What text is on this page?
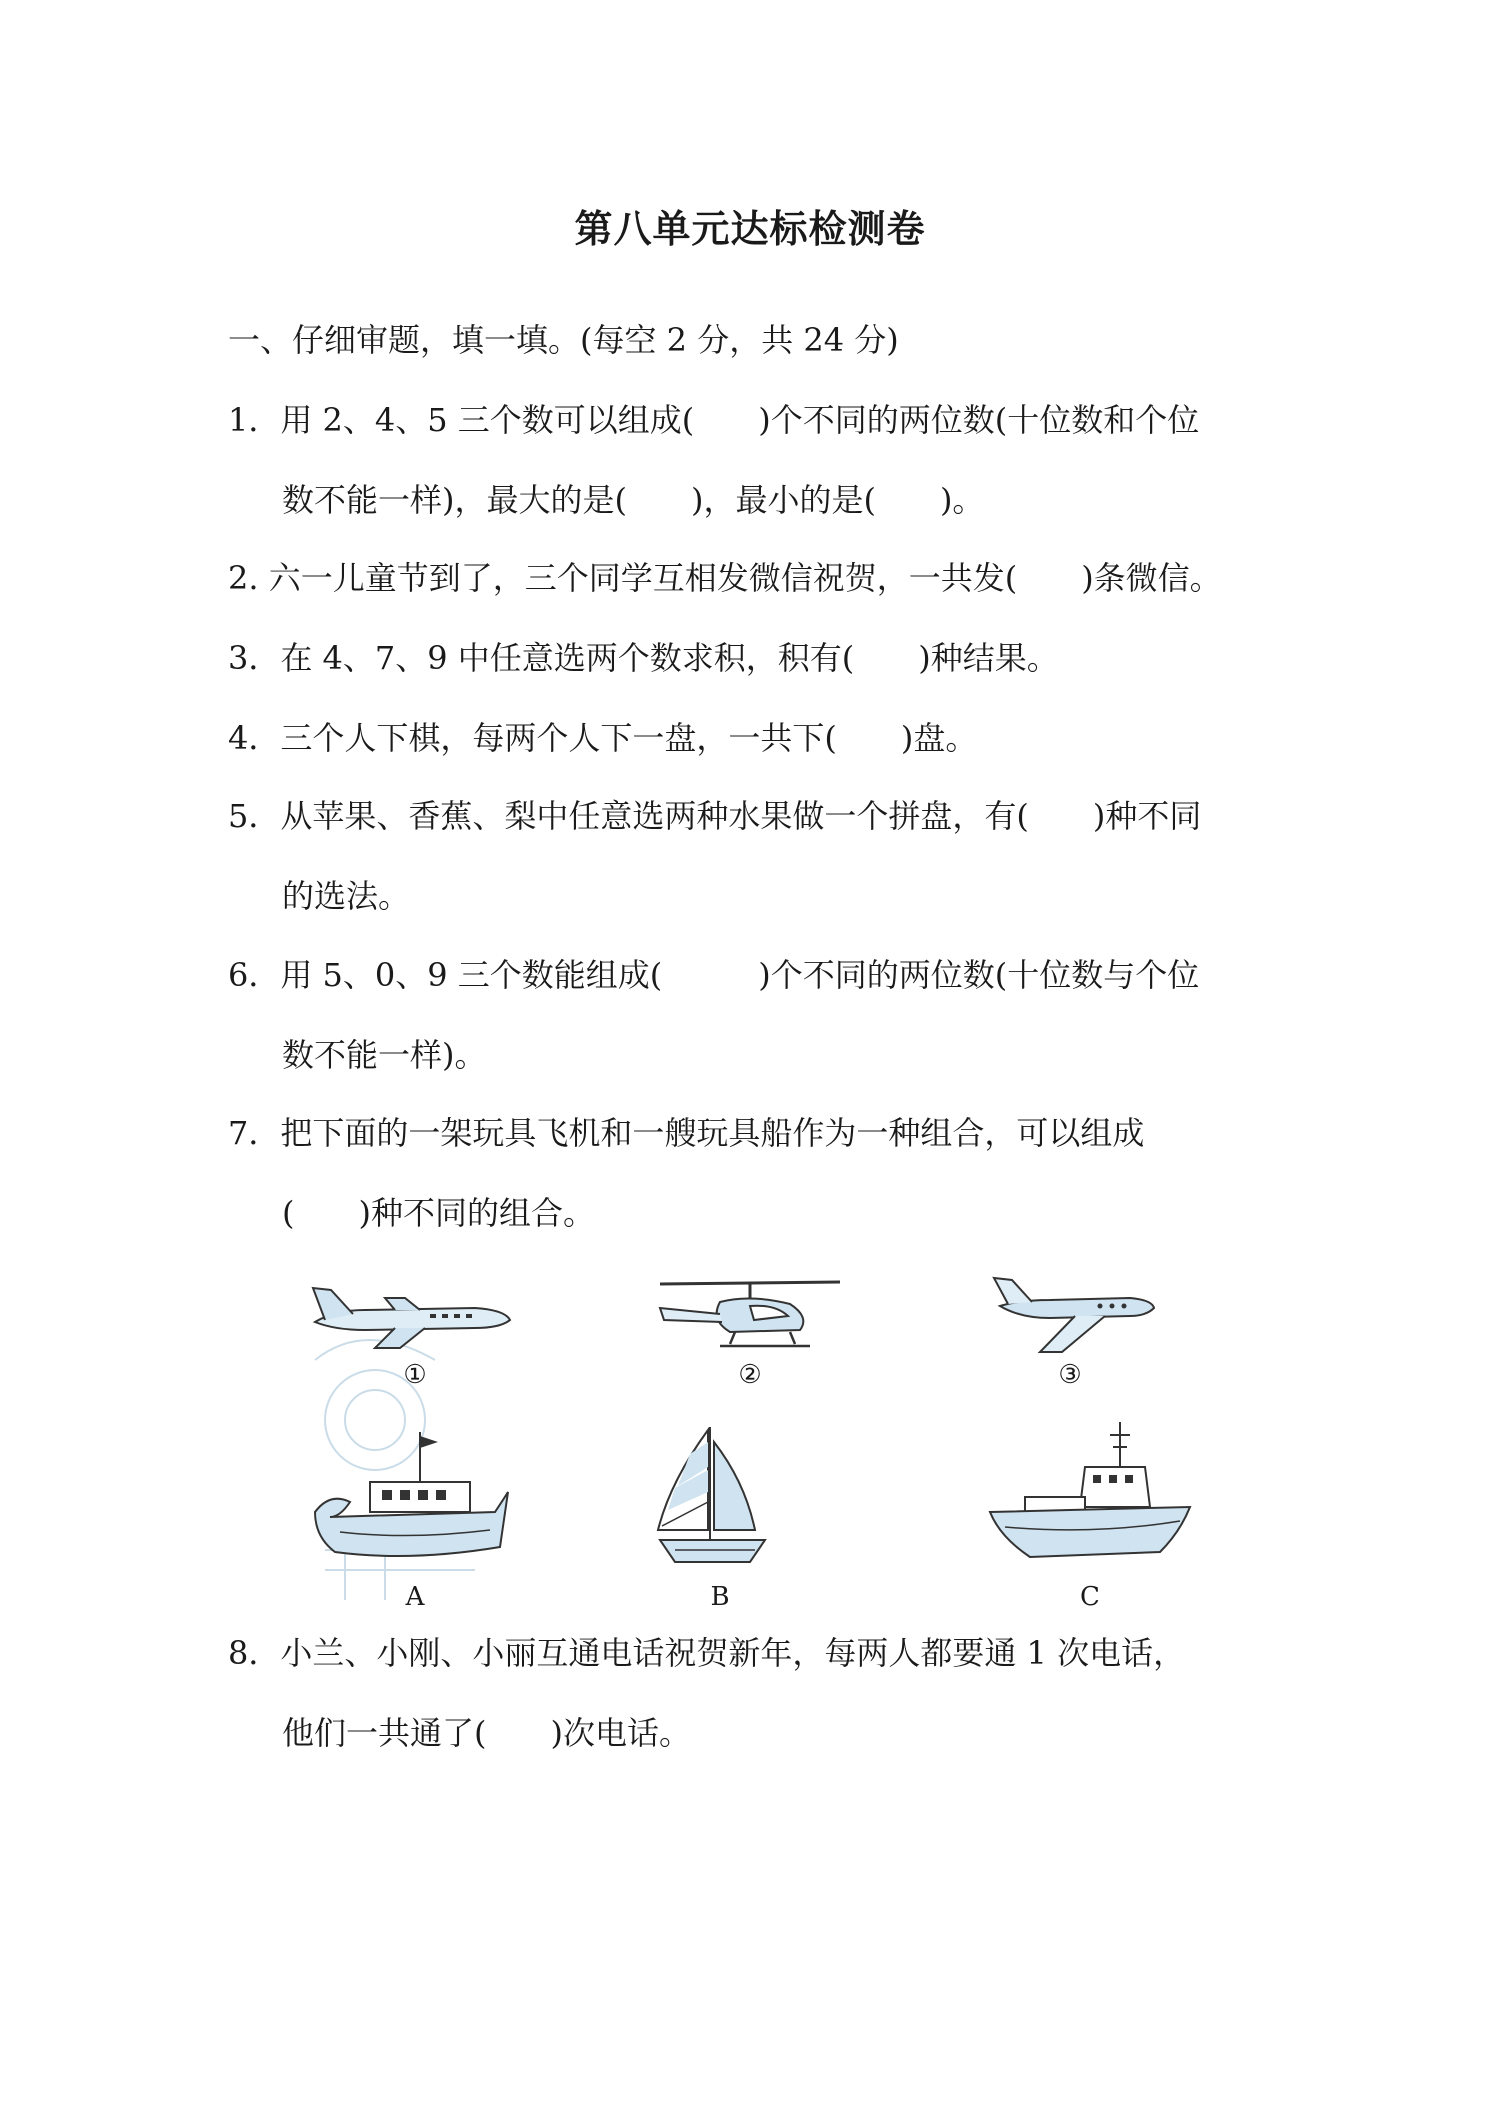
第八单元达标检测卷
一、仔细审题，填一填。(每空 2 分，共 24 分)
1．用 2、4、5 三个数可以组成(　　)个不同的两位数(十位数和个位
数不能一样)，最大的是(　　)，最小的是(　　)。
2. 六一儿童节到了，三个同学互相发微信祝贺，一共发(　　)条微信。
3．在 4、7、9 中任意选两个数求积，积有(　　)种结果。
4．三个人下棋，每两个人下一盘，一共下(　　)盘。
5．从苹果、香蕉、梨中任意选两种水果做一个拼盘，有(　　)种不同
的选法。
6．用 5、0、9 三个数能组成(　　　)个不同的两位数(十位数与个位
数不能一样)。
7．把下面的一架玩具飞机和一艘玩具船作为一种组合，可以组成
(　　)种不同的组合。
①	②	③
A	B	C
8．小兰、小刚、小丽互通电话祝贺新年，每两人都要通 1 次电话，
他们一共通了(　　)次电话。
